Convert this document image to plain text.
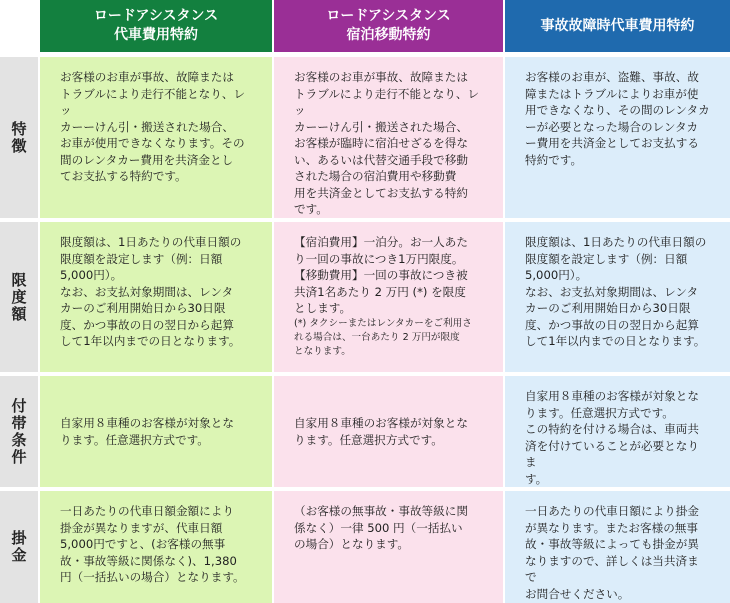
ロードアシスタンス
代車費用特約
ロードアシスタンス
宿泊移動特約
事故故障時代車費用特約
特徴
お客様のお車が事故、故障または
トラブルにより走行不能となり、レッ
カーーけん引・搬送された場合、
お車が使用できなくなります。その
間のレンタカー費用を共済金とし
てお支払する特約です。
お客様のお車が事故、故障または
トラブルにより走行不能となり、レッ
カーーけん引・搬送された場合、
お客様が臨時に宿泊せざるを得な
い、あるいは代替交通手段で移動
された場合の宿泊費用や移動費
用を共済金としてお支払する特約
です。
お客様のお車が、盗難、事故、故
障またはトラブルによりお車が使
用できなくなり、その間のレンタカ
ーが必要となった場合のレンタカ
ー費用を共済金としてお支払する
特約です。
限度額
限度額は、1日あたりの代車日額の
限度額を設定します（例：日額
5,000円）。
なお、お支払対象期間は、レンタ
カーのご利用開始日から30日限
度、かつ事故の日の翌日から起算
して1年以内までの日となります。
【宿泊費用】一泊分。お一人あた
り一回の事故につき1万円限度。
【移動費用】一回の事故につき被
共済1名あたり 2 万円 (*) を限度
とします。
(*) タクシーまたはレンタカーをご利用さ
れる場合は、一台あたり 2 万円が限度
となります。
限度額は、1日あたりの代車日額の
限度額を設定します（例：日額
5,000円）。
なお、お支払対象期間は、レンタ
カーのご利用開始日から30日限
度、かつ事故の日の翌日から起算
して1年以内までの日となります。
付帯条件	自家用８車種のお客様が対象とな
ります。任意選択方式です。
自家用８車種のお客様が対象とな
ります。任意選択方式です。
自家用８車種のお客様が対象とな
ります。任意選択方式です。
この特約を付ける場合は、車両共
済を付けていることが必要となりま
す。
掛金
一日あたりの代車日額金額により
掛金が異なりますが、代車日額
5,000円ですと、(お客様の無事
故・事故等級に関係なく)、1,380
円（一括払いの場合）となります。
（お客様の無事故・事故等級に関
係なく）一律 500 円（一括払い
の場合）となります。
一日あたりの代車日額により掛金
が異なります。またお客様の無事
故・事故等級によっても掛金が異
なりますので、詳しくは当共済まで
お問合せください。
